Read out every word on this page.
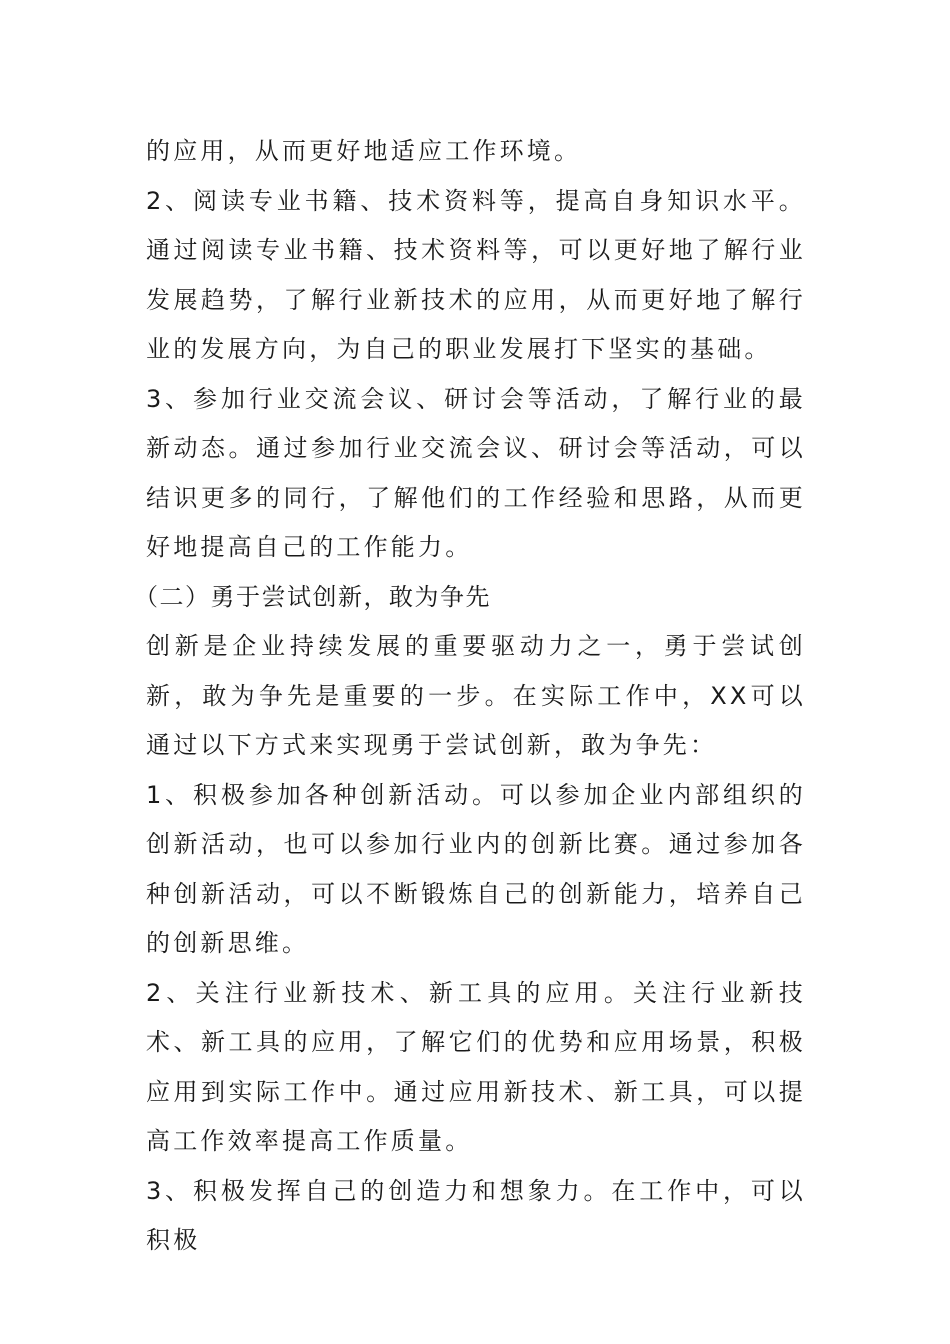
的应用，从而更好地适应工作环境。

2、阅读专业书籍、技术资料等，提高自身知识水平。通过阅读专业书籍、技术资料等，可以更好地了解行业发展趋势，了解行业新技术的应用，从而更好地了解行业的发展方向，为自己的职业发展打下坚实的基础。

3、参加行业交流会议、研讨会等活动，了解行业的最新动态。通过参加行业交流会议、研讨会等活动，可以结识更多的同行，了解他们的工作经验和思路，从而更好地提高自己的工作能力。

（二）勇于尝试创新，敢为争先

创新是企业持续发展的重要驱动力之一，勇于尝试创新，敢为争先是重要的一步。在实际工作中，XX可以通过以下方式来实现勇于尝试创新，敢为争先：

1、积极参加各种创新活动。可以参加企业内部组织的创新活动，也可以参加行业内的创新比赛。通过参加各种创新活动，可以不断锻炼自己的创新能力，培养自己的创新思维。

2、关注行业新技术、新工具的应用。关注行业新技术、新工具的应用，了解它们的优势和应用场景，积极应用到实际工作中。通过应用新技术、新工具，可以提高工作效率提高工作质量。

3、积极发挥自己的创造力和想象力。在工作中，可以积极
